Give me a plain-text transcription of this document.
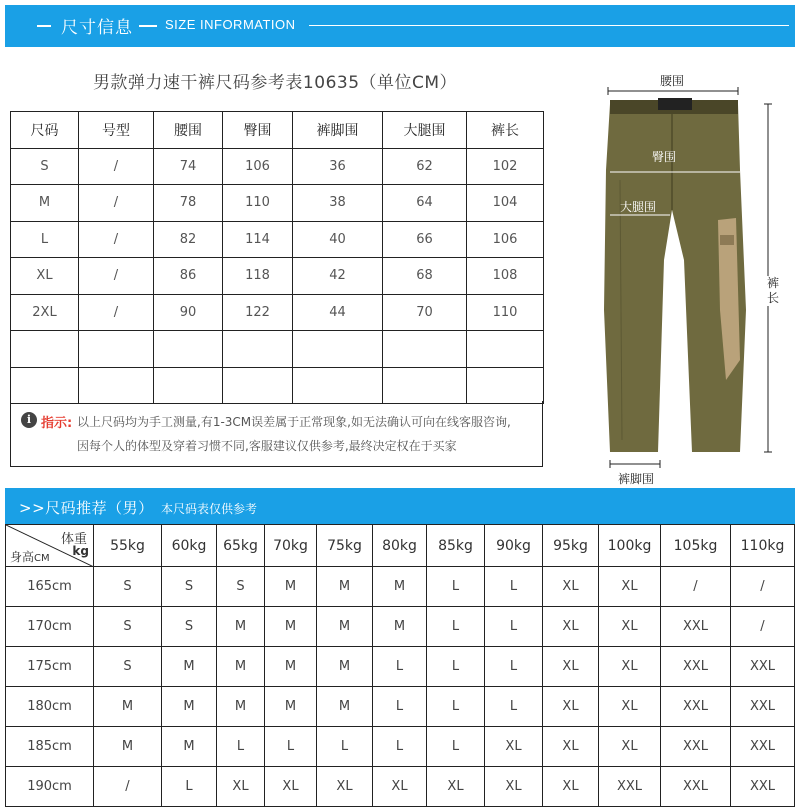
尺寸信息 SIZE INFORMATION
男款弹力速干裤尺码参考表10635（单位CM）
尺码	号型	腰围	臀围	裤脚围	大腿围	裤长
S	/	74	106	36	62	102
M	/	78	110	38	64	104
L	/	82	114	40	66	106
XL	/	86	118	42	68	108
2XL	/	90	122	44	70	110

i 指示: 以上尺码均为手工测量,有1-3CM误差属于正常现象,如无法确认可向在线客服咨询,
因每个人的体型及穿着习惯不同,客服建议仅供参考,最终决定权在于买家
腰围
臀围
大腿围
裤长
裤脚围
>>尺码推荐（男） 本尺码表仅供参考
体重
kg
身高CM	55kg	60kg	65kg	70kg	75kg	80kg	85kg	90kg	95kg	100kg	105kg	110kg
165cm	S	S	S	M	M	M	L	L	XL	XL	/	/
170cm	S	S	M	M	M	M	L	L	XL	XL	XXL	/
175cm	S	M	M	M	M	L	L	L	XL	XL	XXL	XXL
180cm	M	M	M	M	M	L	L	L	XL	XL	XXL	XXL
185cm	M	M	L	L	L	L	L	XL	XL	XL	XXL	XXL
190cm	/	L	XL	XL	XL	XL	XL	XL	XL	XXL	XXL	XXL
